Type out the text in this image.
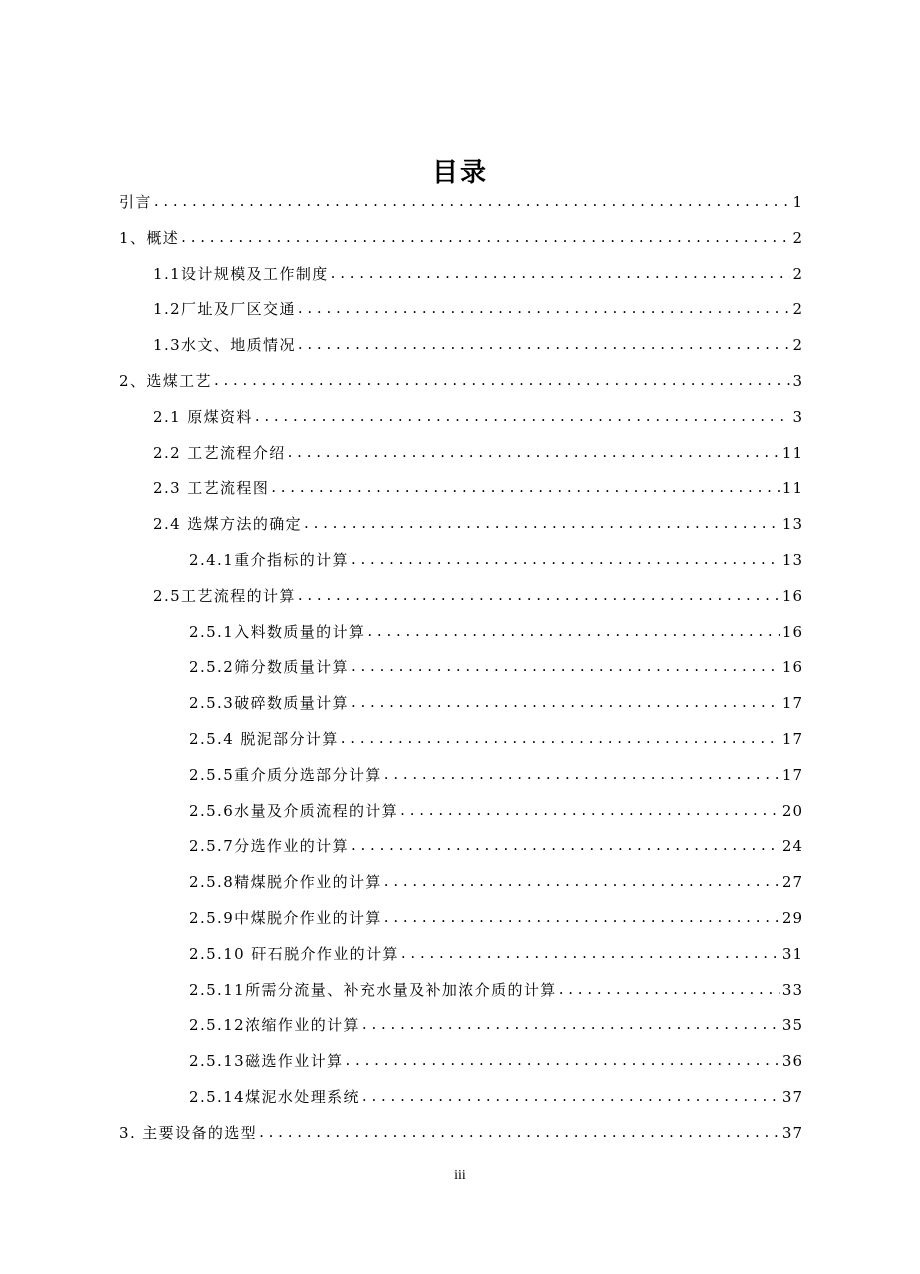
目录
引言 . . .	1
1、概述 . . .	2
1.1设计规模及工作制度 . . .	2
1.2厂址及厂区交通 . . .	2
1.3水文、地质情况 . . .	2
2、选煤工艺 . . .	3
2.1 原煤资料 . . .	3
2.2 工艺流程介绍 . . .	11
2.3 工艺流程图 . . .	11
2.4 选煤方法的确定 . . .	13
2.4.1重介指标的计算 . . .	13
2.5工艺流程的计算 . . .	16
2.5.1入料数质量的计算 . . .	16
2.5.2筛分数质量计算 . . .	16
2.5.3破碎数质量计算 . . .	17
2.5.4 脱泥部分计算 . . .	17
2.5.5重介质分选部分计算 . . .	17
2.5.6水量及介质流程的计算 . . .	20
2.5.7分选作业的计算 . . .	24
2.5.8精煤脱介作业的计算 . . .	27
2.5.9中煤脱介作业的计算 . . .	29
2.5.10 矸石脱介作业的计算 . . .	31
2.5.11所需分流量、补充水量及补加浓介质的计算 . . .	33
2.5.12浓缩作业的计算 . . .	35
2.5.13磁选作业计算 . . .	36
2.5.14煤泥水处理系统 . . .	37
3. 主要设备的选型 . . .	37
iii
